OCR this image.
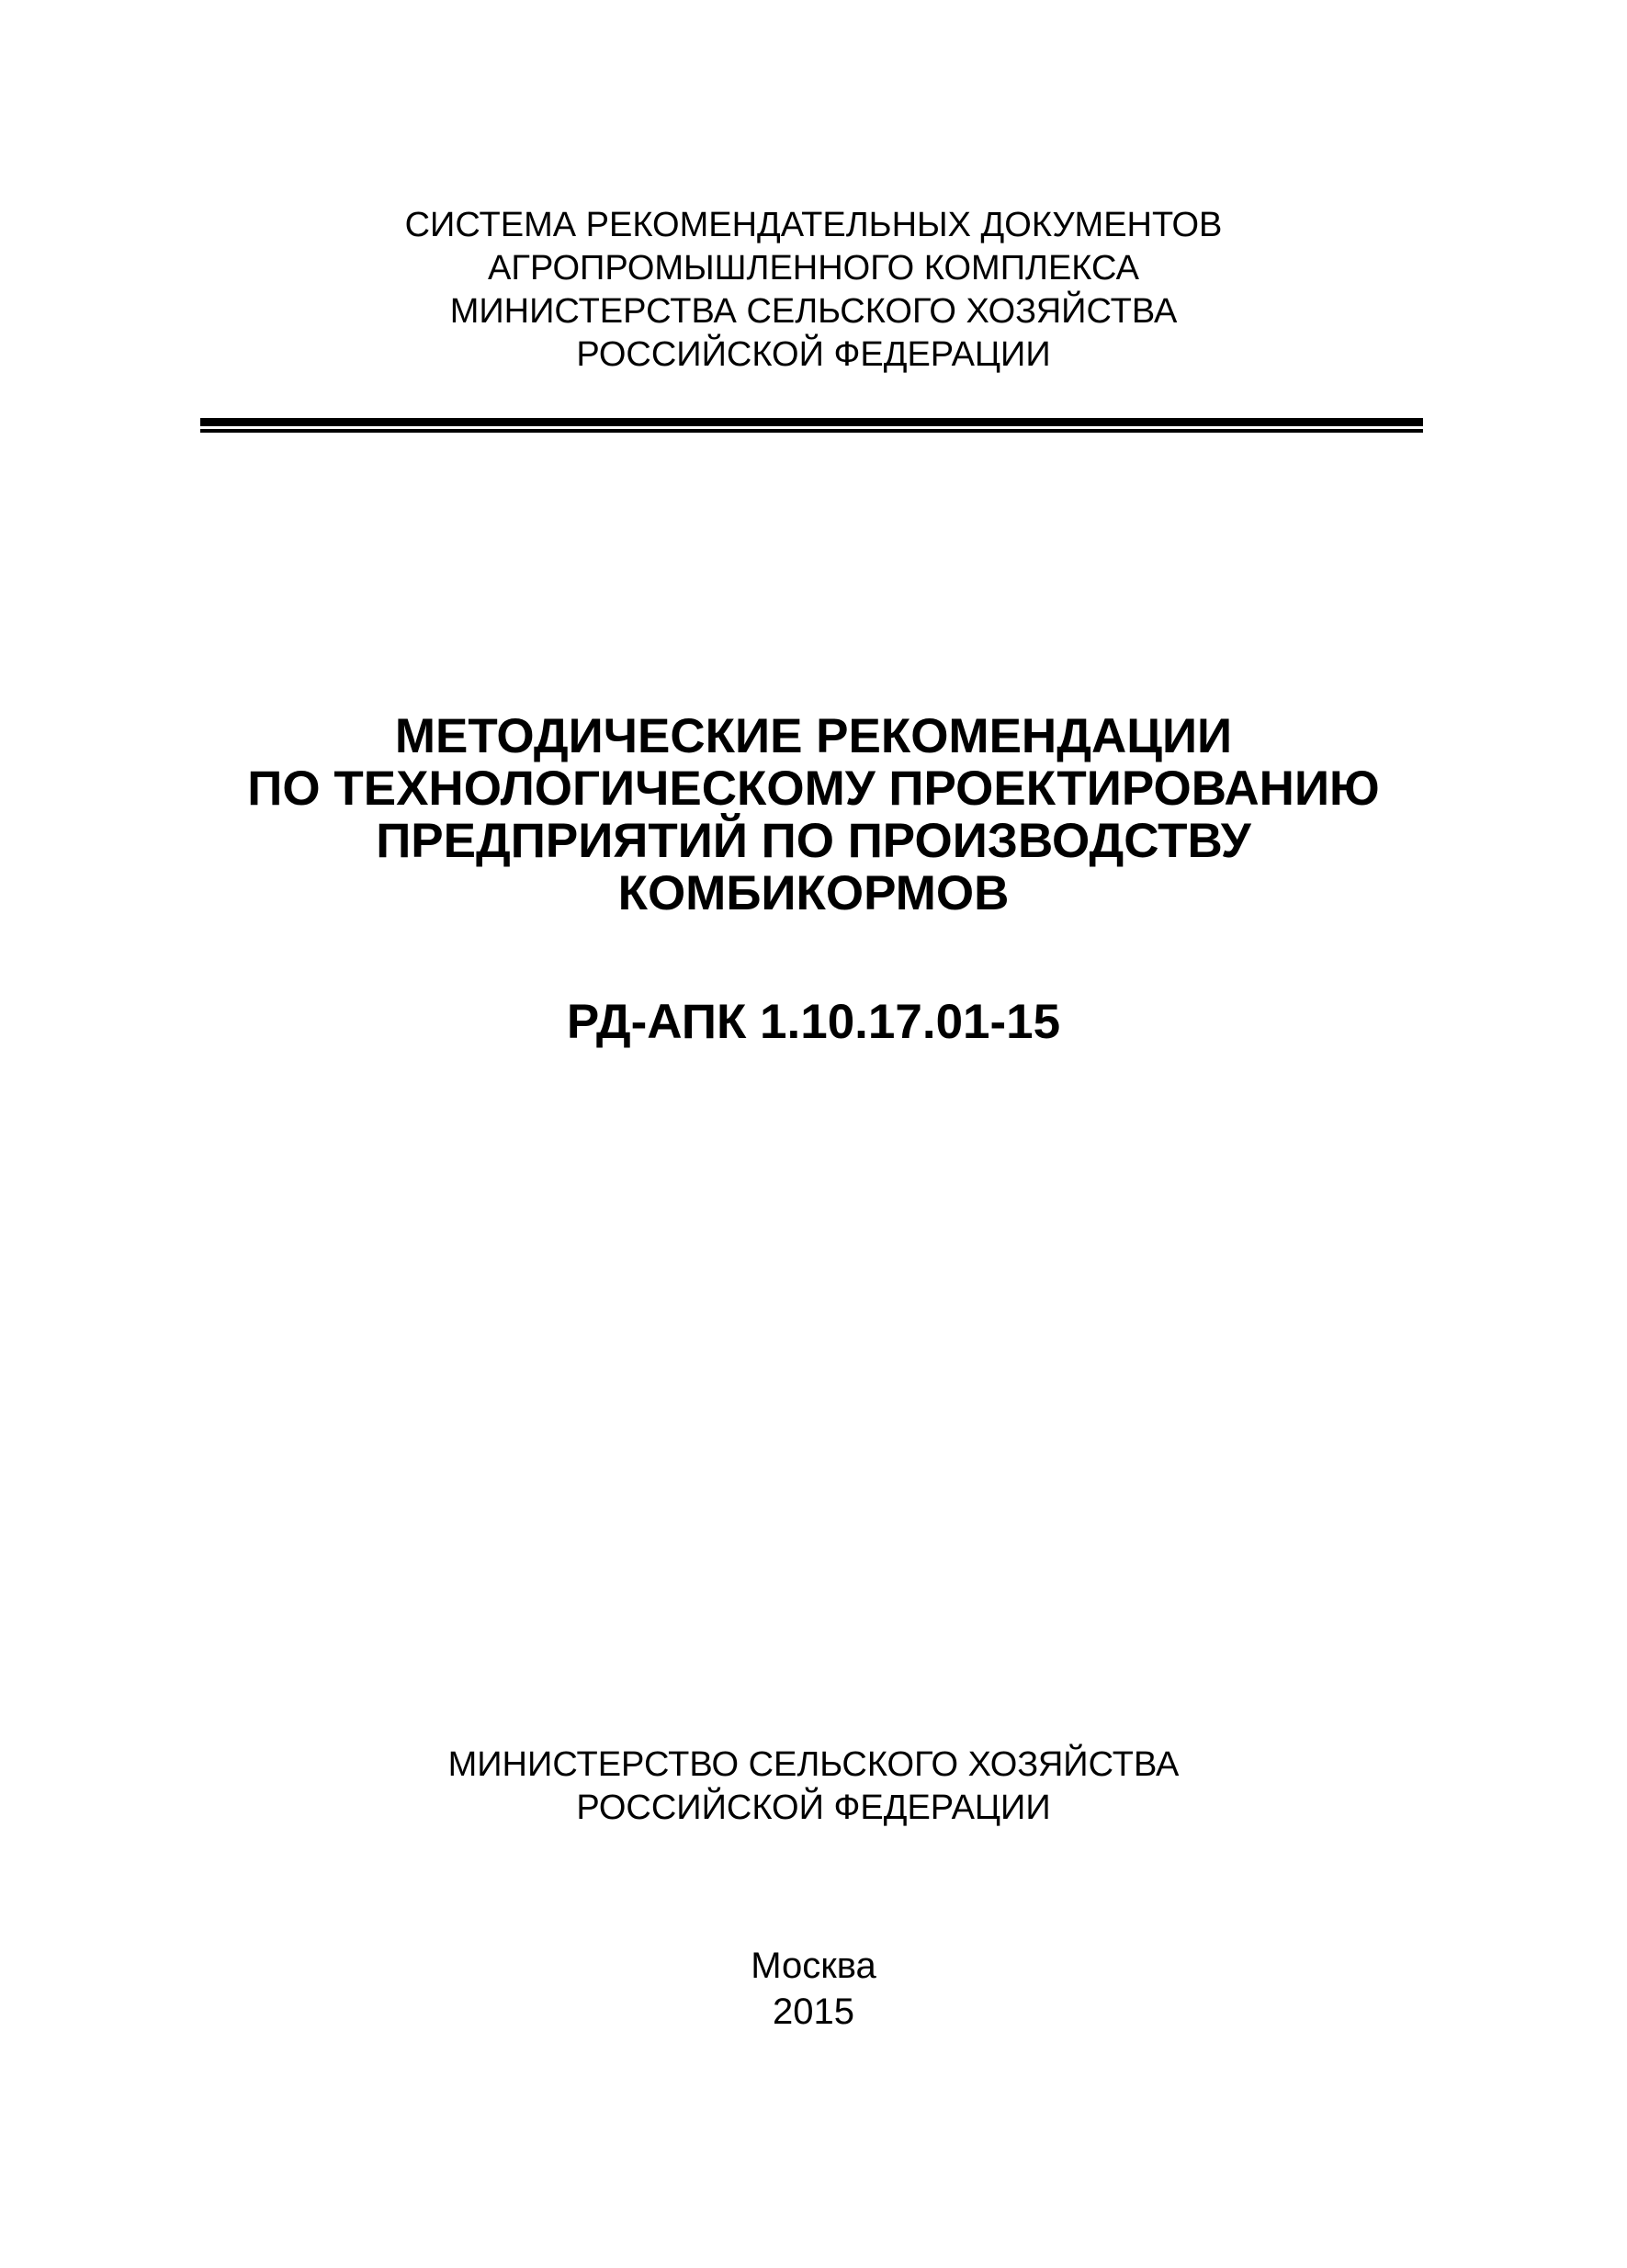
СИСТЕМА РЕКОМЕНДАТЕЛЬНЫХ ДОКУМЕНТОВ
АГРОПРОМЫШЛЕННОГО КОМПЛЕКСА
МИНИСТЕРСТВА СЕЛЬСКОГО ХОЗЯЙСТВА
РОССИЙСКОЙ ФЕДЕРАЦИИ
МЕТОДИЧЕСКИЕ РЕКОМЕНДАЦИИ
ПО ТЕХНОЛОГИЧЕСКОМУ ПРОЕКТИРОВАНИЮ
ПРЕДПРИЯТИЙ ПО ПРОИЗВОДСТВУ
КОМБИКОРМОВ
РД-АПК 1.10.17.01-15
МИНИСТЕРСТВО СЕЛЬСКОГО ХОЗЯЙСТВА
РОССИЙСКОЙ ФЕДЕРАЦИИ
Москва
2015
